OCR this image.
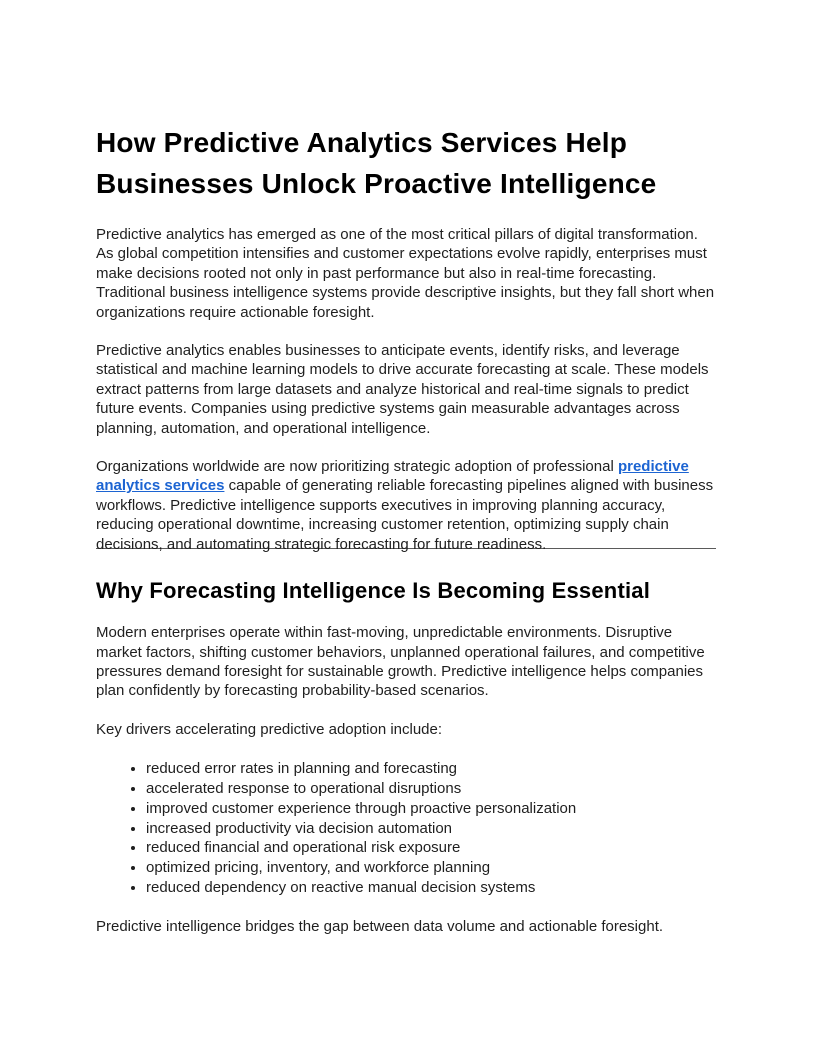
How Predictive Analytics Services Help Businesses Unlock Proactive Intelligence

Predictive analytics has emerged as one of the most critical pillars of digital transformation. As global competition intensifies and customer expectations evolve rapidly, enterprises must make decisions rooted not only in past performance but also in real-time forecasting. Traditional business intelligence systems provide descriptive insights, but they fall short when organizations require actionable foresight.

Predictive analytics enables businesses to anticipate events, identify risks, and leverage statistical and machine learning models to drive accurate forecasting at scale. These models extract patterns from large datasets and analyze historical and real-time signals to predict future events. Companies using predictive systems gain measurable advantages across planning, automation, and operational intelligence.

Organizations worldwide are now prioritizing strategic adoption of professional predictive analytics services capable of generating reliable forecasting pipelines aligned with business workflows. Predictive intelligence supports executives in improving planning accuracy, reducing operational downtime, increasing customer retention, optimizing supply chain decisions, and automating strategic forecasting for future readiness.

Why Forecasting Intelligence Is Becoming Essential

Modern enterprises operate within fast-moving, unpredictable environments. Disruptive market factors, shifting customer behaviors, unplanned operational failures, and competitive pressures demand foresight for sustainable growth. Predictive intelligence helps companies plan confidently by forecasting probability-based scenarios.

Key drivers accelerating predictive adoption include:

• reduced error rates in planning and forecasting
• accelerated response to operational disruptions
• improved customer experience through proactive personalization
• increased productivity via decision automation
• reduced financial and operational risk exposure
• optimized pricing, inventory, and workforce planning
• reduced dependency on reactive manual decision systems

Predictive intelligence bridges the gap between data volume and actionable foresight.
